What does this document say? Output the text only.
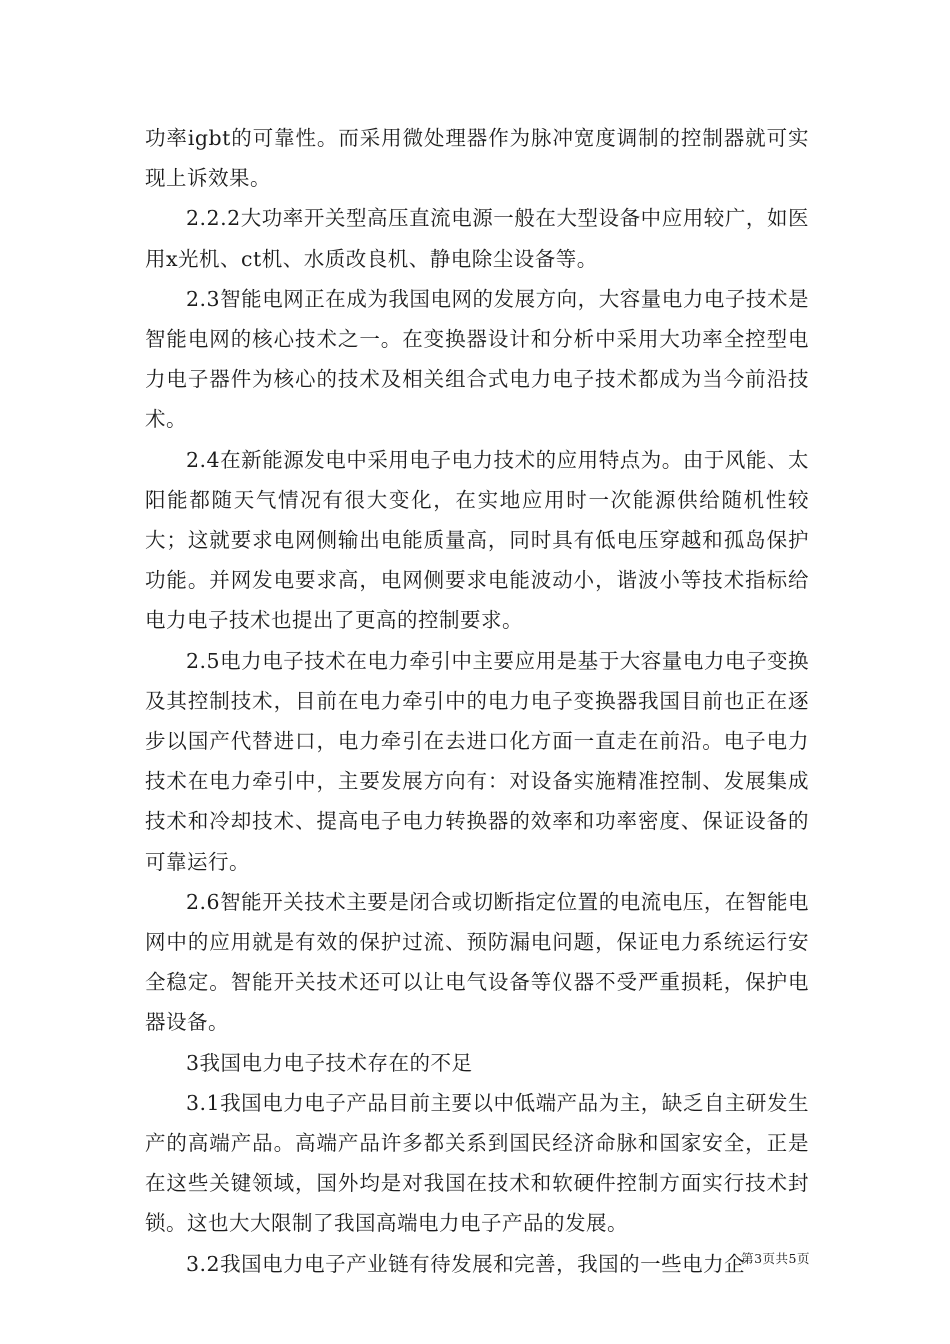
功率igbt的可靠性。而采用微处理器作为脉冲宽度调制的控制器就可实现上诉效果。

2.2.2大功率开关型高压直流电源一般在大型设备中应用较广，如医用x光机、ct机、水质改良机、静电除尘设备等。

2.3智能电网正在成为我国电网的发展方向，大容量电力电子技术是智能电网的核心技术之一。在变换器设计和分析中采用大功率全控型电力电子器件为核心的技术及相关组合式电力电子技术都成为当今前沿技术。

2.4在新能源发电中采用电子电力技术的应用特点为。由于风能、太阳能都随天气情况有很大变化，在实地应用时一次能源供给随机性较大；这就要求电网侧输出电能质量高，同时具有低电压穿越和孤岛保护功能。并网发电要求高，电网侧要求电能波动小，谐波小等技术指标给电力电子技术也提出了更高的控制要求。

2.5电力电子技术在电力牵引中主要应用是基于大容量电力电子变换及其控制技术，目前在电力牵引中的电力电子变换器我国目前也正在逐步以国产代替进口，电力牵引在去进口化方面一直走在前沿。电子电力技术在电力牵引中，主要发展方向有：对设备实施精准控制、发展集成技术和冷却技术、提高电子电力转换器的效率和功率密度、保证设备的可靠运行。

2.6智能开关技术主要是闭合或切断指定位置的电流电压，在智能电网中的应用就是有效的保护过流、预防漏电问题，保证电力系统运行安全稳定。智能开关技术还可以让电气设备等仪器不受严重损耗，保护电器设备。

3我国电力电子技术存在的不足

3.1我国电力电子产品目前主要以中低端产品为主，缺乏自主研发生产的高端产品。高端产品许多都关系到国民经济命脉和国家安全，正是在这些关键领域，国外均是对我国在技术和软硬件控制方面实行技术封锁。这也大大限制了我国高端电力电子产品的发展。

3.2我国电力电子产业链有待发展和完善，我国的一些电力企

第3页共5页
